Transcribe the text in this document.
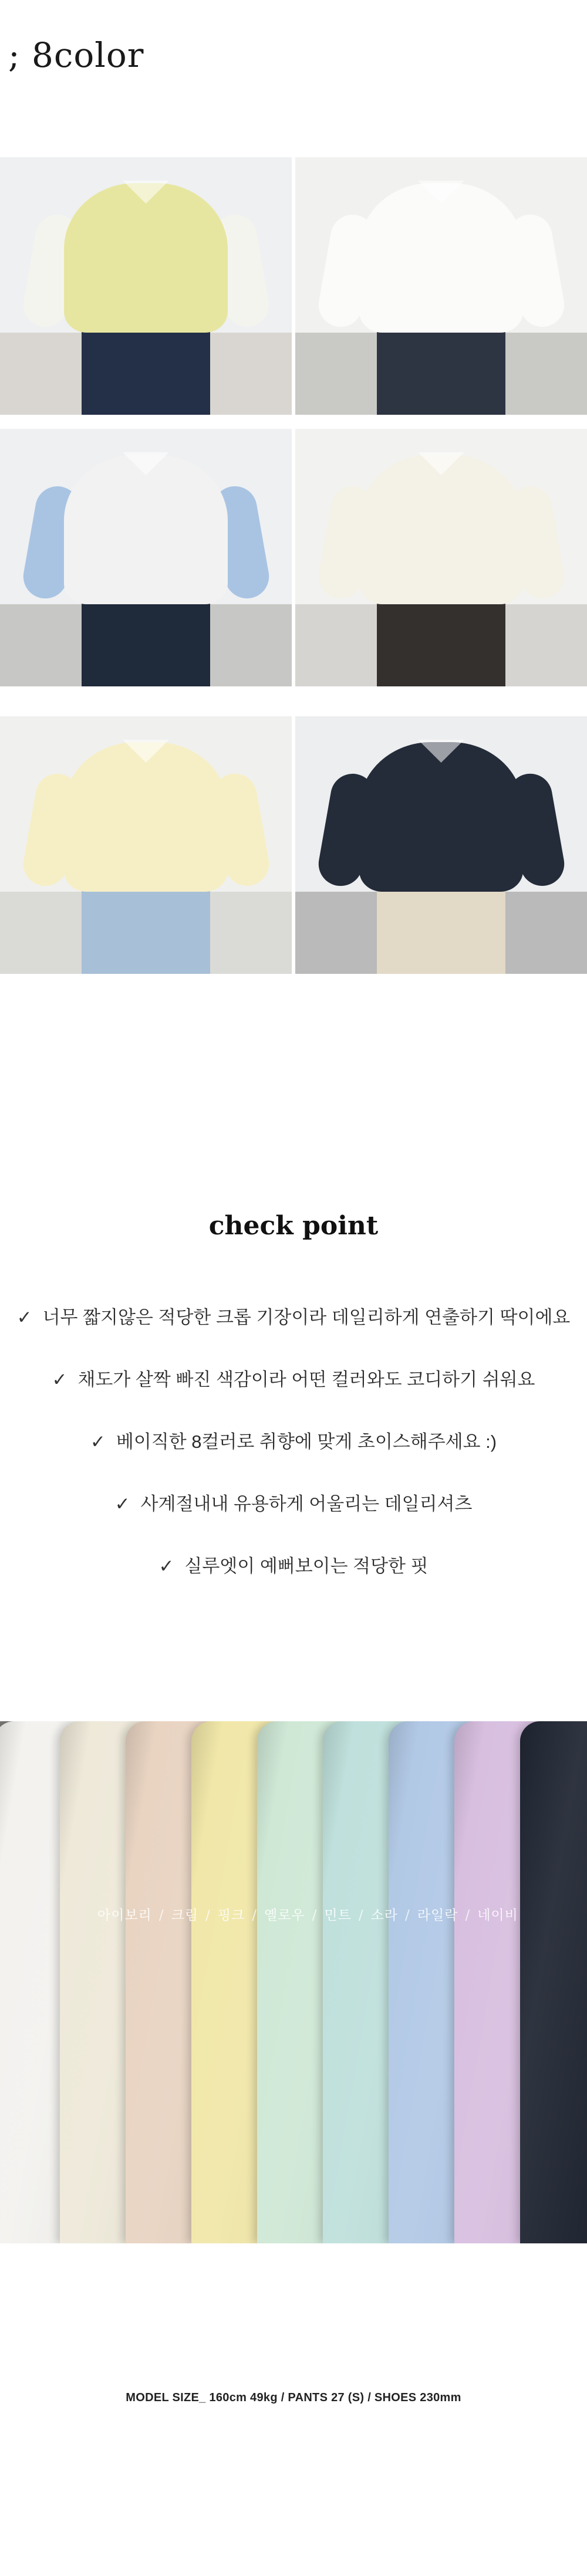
; 8color
check point
✓ 너무 짧지않은 적당한 크롭 기장이라 데일리하게 연출하기 딱이에요
✓ 채도가 살짝 빠진 색감이라 어떤 컬러와도 코디하기 쉬워요
✓ 베이직한 8컬러로 취향에 맞게 초이스해주세요 :)
✓ 사계절내내 유용하게 어울리는 데일리셔츠
✓ 실루엣이 예뻐보이는 적당한 핏
아이보리 / 크림 / 핑크 / 옐로우 / 민트 / 소라 / 라일락 / 네이비
MODEL SIZE_ 160cm 49kg / PANTS 27 (S) / SHOES 230mm
